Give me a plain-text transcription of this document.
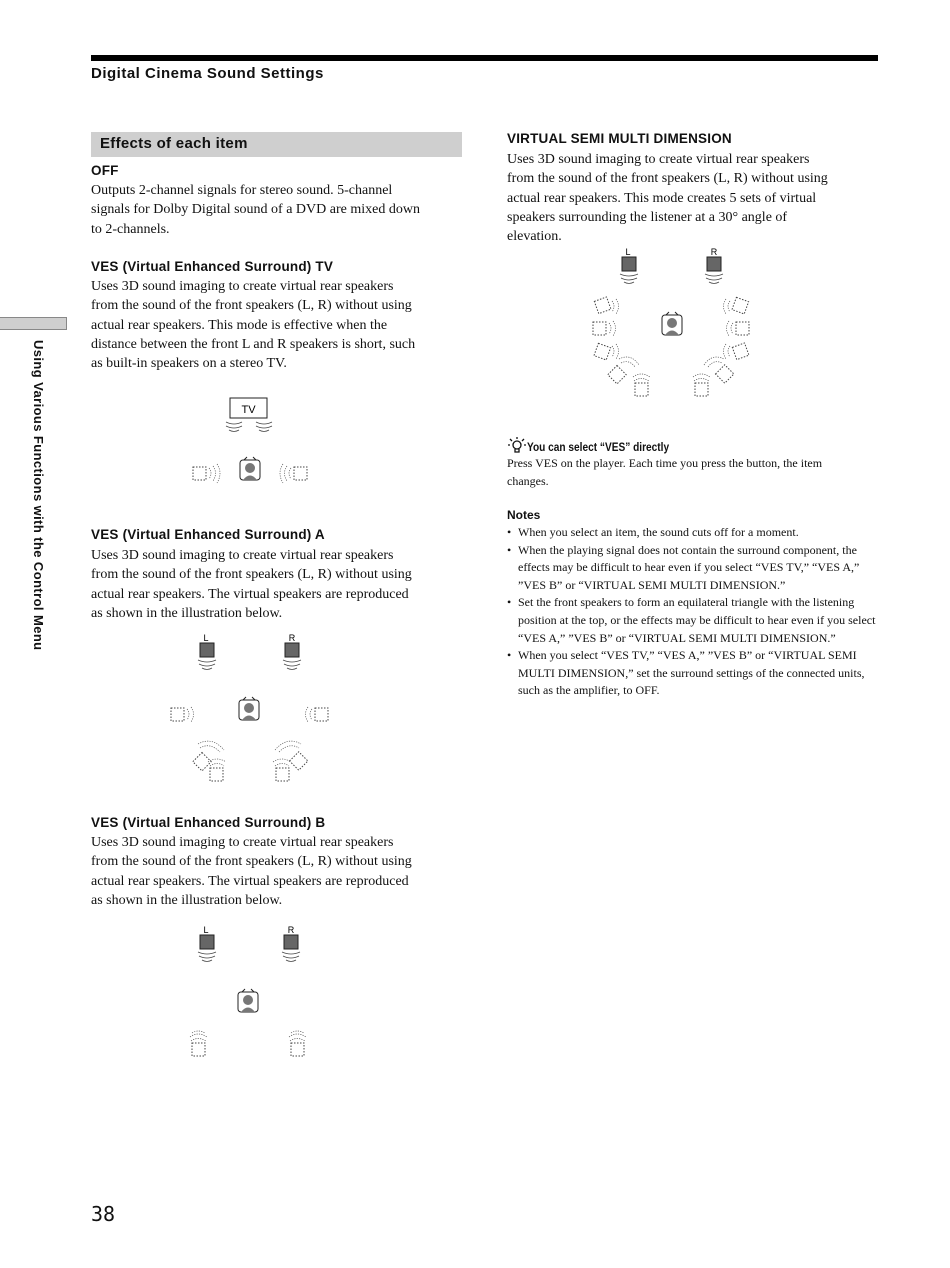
Digital Cinema Sound Settings
Using Various Functions with the Control Menu
Effects of each item
OFF
Outputs 2-channel signals for stereo sound. 5-channel
signals for Dolby Digital sound of a DVD are mixed down
to 2-channels.
VES (Virtual Enhanced Surround) TV
Uses 3D sound imaging to create virtual rear speakers
from the sound of the front speakers (L, R) without using
actual rear speakers. This mode is effective when the
distance between the front L and R speakers is short, such
as built-in speakers on a stereo TV.
TV
VES (Virtual Enhanced Surround) A
Uses 3D sound imaging to create virtual rear speakers
from the sound of the front speakers (L, R) without using
actual rear speakers. The virtual speakers are reproduced
as shown in the illustration below.
L	R
VES (Virtual Enhanced Surround) B
Uses 3D sound imaging to create virtual rear speakers
from the sound of the front speakers (L, R) without using
actual rear speakers. The virtual speakers are reproduced
as shown in the illustration below.
L	R
VIRTUAL SEMI MULTI DIMENSION
Uses 3D sound imaging to create virtual rear speakers
from the sound of the front speakers (L, R) without using
actual rear speakers. This mode creates 5 sets of virtual
speakers surrounding the listener at a 30° angle of
elevation.
L	R
You can select “VES” directly
Press VES on the player. Each time you press the button, the item
changes.
Notes
• When you select an item, the sound cuts off for a moment.
• When the playing signal does not contain the surround component, the effects may be difficult to hear even if you select “VES TV,” “VES A,” ”VES B” or “VIRTUAL SEMI MULTI DIMENSION.”
• Set the front speakers to form an equilateral triangle with the listening position at the top, or the effects may be difficult to hear even if you select “VES A,” ”VES B” or “VIRTUAL SEMI MULTI DIMENSION.”
• When you select “VES TV,” “VES A,” ”VES B” or “VIRTUAL SEMI MULTI DIMENSION,” set the surround settings of the connected units, such as the amplifier, to OFF.
38
